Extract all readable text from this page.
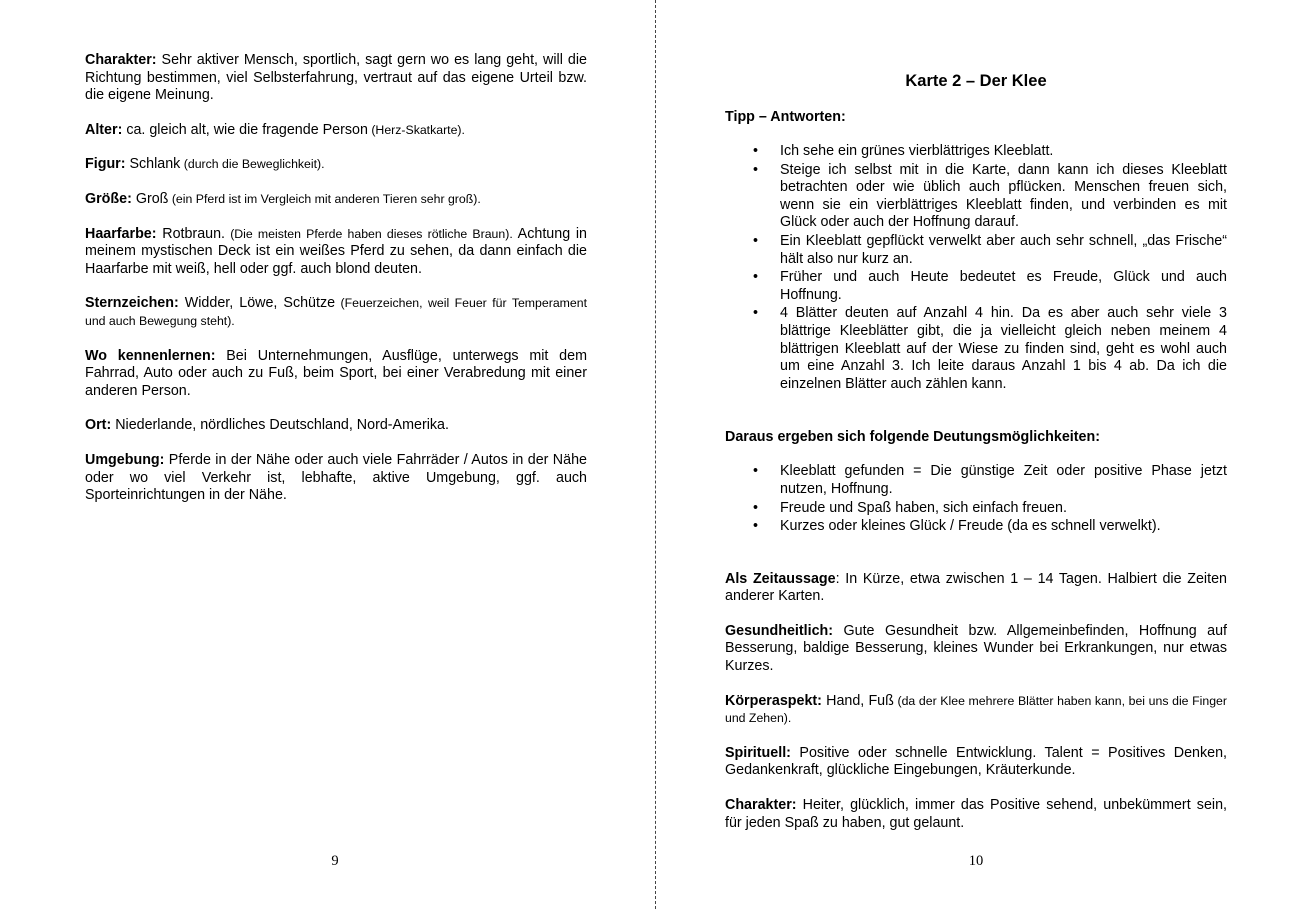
Charakter: Sehr aktiver Mensch, sportlich, sagt gern wo es lang geht, will die Richtung bestimmen, viel Selbsterfahrung, vertraut auf das eigene Urteil bzw. die eigene Meinung.

Alter: ca. gleich alt, wie die fragende Person (Herz-Skatkarte).

Figur: Schlank (durch die Beweglichkeit).

Größe: Groß (ein Pferd ist im Vergleich mit anderen Tieren sehr groß).

Haarfarbe: Rotbraun. (Die meisten Pferde haben dieses rötliche Braun). Achtung in meinem mystischen Deck ist ein weißes Pferd zu sehen, da dann einfach die Haarfarbe mit weiß, hell oder ggf. auch blond deuten.

Sternzeichen: Widder, Löwe, Schütze (Feuerzeichen, weil Feuer für Temperament und auch Bewegung steht).

Wo kennenlernen: Bei Unternehmungen, Ausflüge, unterwegs mit dem Fahrrad, Auto oder auch zu Fuß, beim Sport, bei einer Verabredung mit einer anderen Person.

Ort: Niederlande, nördliches Deutschland, Nord-Amerika.

Umgebung: Pferde in der Nähe oder auch viele Fahrräder / Autos in der Nähe oder wo viel Verkehr ist, lebhafte, aktive Umgebung, ggf. auch Sporteinrichtungen in der Nähe.

9
Karte 2 – Der Klee
Tipp – Antworten:
• Ich sehe ein grünes vierblättriges Kleeblatt.
• Steige ich selbst mit in die Karte, dann kann ich dieses Kleeblatt betrachten oder wie üblich auch pflücken. Menschen freuen sich, wenn sie ein vierblättriges Kleeblatt finden, und verbinden es mit Glück oder auch der Hoffnung darauf.
• Ein Kleeblatt gepflückt verwelkt aber auch sehr schnell, „das Frische“ hält also nur kurz an.
• Früher und auch Heute bedeutet es Freude, Glück und auch Hoffnung.
• 4 Blätter deuten auf Anzahl 4 hin. Da es aber auch sehr viele 3 blättrige Kleeblätter gibt, die ja vielleicht gleich neben meinem 4 blättrigen Kleeblatt auf der Wiese zu finden sind, geht es wohl auch um eine Anzahl 3. Ich leite daraus Anzahl 1 bis 4 ab. Da ich die einzelnen Blätter auch zählen kann.
Daraus ergeben sich folgende Deutungsmöglichkeiten:
• Kleeblatt gefunden = Die günstige Zeit oder positive Phase jetzt nutzen, Hoffnung.
• Freude und Spaß haben, sich einfach freuen.
• Kurzes oder kleines Glück / Freude (da es schnell verwelkt).

Als Zeitaussage: In Kürze, etwa zwischen 1 – 14 Tagen. Halbiert die Zeiten anderer Karten.

Gesundheitlich: Gute Gesundheit bzw. Allgemeinbefinden, Hoffnung auf Besserung, baldige Besserung, kleines Wunder bei Erkrankungen, nur etwas Kurzes.

Körperaspekt: Hand, Fuß (da der Klee mehrere Blätter haben kann, bei uns die Finger und Zehen).

Spirituell: Positive oder schnelle Entwicklung. Talent = Positives Denken, Gedankenkraft, glückliche Eingebungen, Kräuterkunde.

Charakter: Heiter, glücklich, immer das Positive sehend, unbekümmert sein, für jeden Spaß zu haben, gut gelaunt.

10
